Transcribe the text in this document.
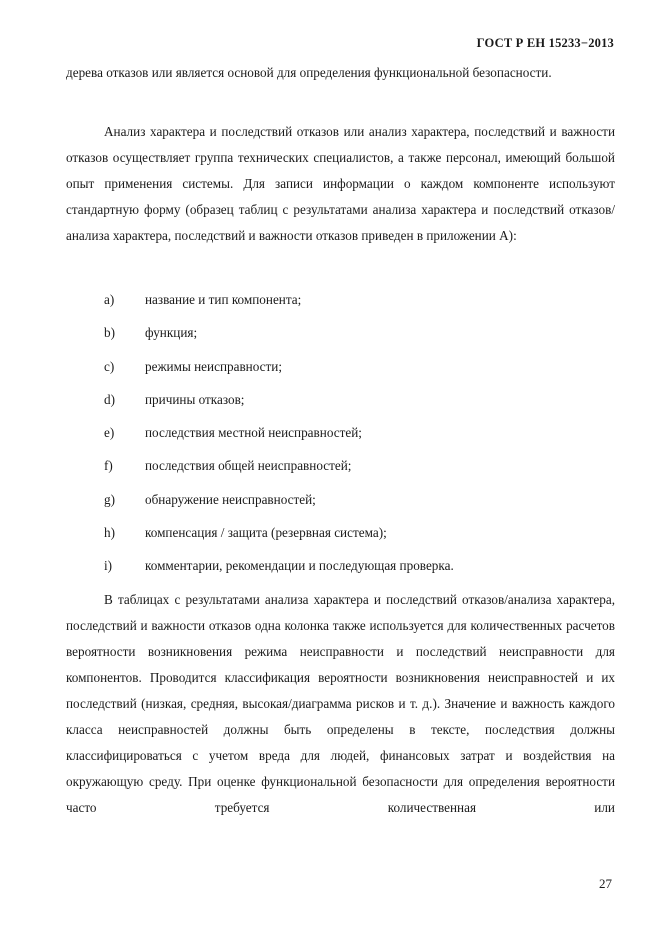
ГОСТ Р ЕН 15233−2013

дерева отказов или является основой для определения функциональной безопасности.

Анализ характера и последствий отказов или анализ характера, последствий и важности отказов осуществляет группа технических специалистов, а также персонал, имеющий большой опыт применения системы. Для записи информации о каждом компоненте используют стандартную форму (образец таблиц с результатами анализа характера и последствий отказов/анализа характера, последствий и важности отказов приведен в приложении А):

a) название и тип компонента;
b) функция;
c) режимы неисправности;
d) причины отказов;
e) последствия местной неисправностей;
f) последствия общей неисправностей;
g) обнаружение неисправностей;
h) компенсация / защита (резервная система);
i) комментарии, рекомендации и последующая проверка.

В таблицах с результатами анализа характера и последствий отказов/анализа характера, последствий и важности отказов одна колонка также используется для количественных расчетов вероятности возникновения режима неисправности и последствий неисправности для компонентов. Проводится классификация вероятности возникновения неисправностей и их последствий (низкая, средняя, высокая/диаграмма рисков и т. д.). Значение и важность каждого класса неисправностей должны быть определены в тексте, последствия должны классифицироваться с учетом вреда для людей, финансовых затрат и воздействия на окружающую среду. При оценке функциональной безопасности для определения вероятности часто требуется количественная или

27
